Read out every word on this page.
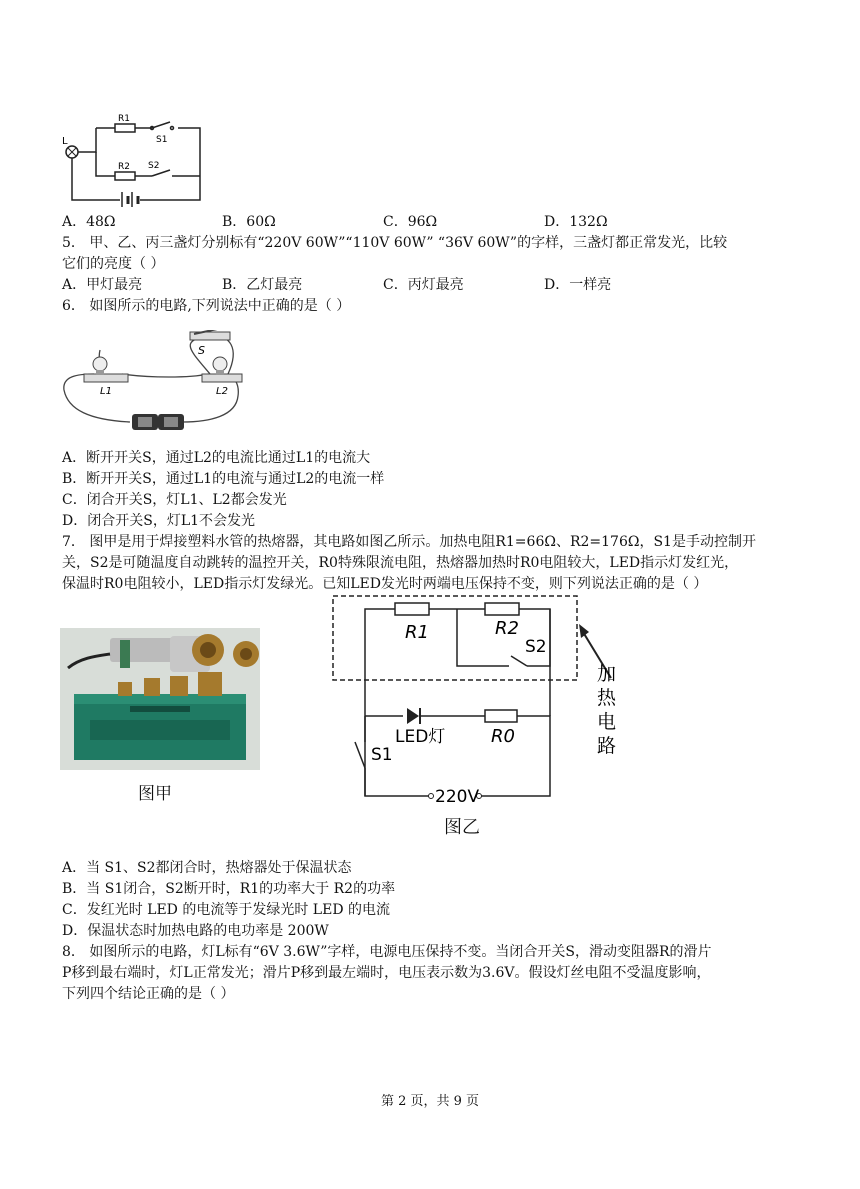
L
R1
S1
R2 S2
A．48Ω	B．60Ω	C．96Ω	D．132Ω
5． 甲、乙、丙三盏灯分别标有“220V 60W”“110V 60W” “36V 60W”的字样，三盏灯都正常发光，比较
它们的亮度（ ）
A．甲灯最亮	B．乙灯最亮	C．丙灯最亮	D．一样亮
6． 如图所示的电路,下列说法中正确的是（ ）
S
L1	L2
A．断开开关S，通过L2的电流比通过L1的电流大
B．断开开关S，通过L1的电流与通过L2的电流一样
C．闭合开关S，灯L1、L2都会发光
D．闭合开关S，灯L1不会发光
7． 图甲是用于焊接塑料水管的热熔器，其电路如图乙所示。加热电阻R1=66Ω、R2=176Ω，S1是手动控制开
关，S2是可随温度自动跳转的温控开关，R0特殊限流电阻，热熔器加热时R0电阻较大，LED指示灯发红光，
保温时R0电阻较小，LED指示灯发绿光。已知LED发光时两端电压保持不变，则下列说法正确的是（ ）
图甲
R1	R2
S2
S1
LED灯	R0
220V
加
热
电
路
图乙
A．当 S1、S2都闭合时，热熔器处于保温状态
B．当 S1闭合，S2断开时，R1的功率大于 R2的功率
C．发红光时 LED 的电流等于发绿光时 LED 的电流
D．保温状态时加热电路的电功率是 200W
8． 如图所示的电路，灯L标有“6V 3.6W”字样，电源电压保持不变。当闭合开关S，滑动变阻器R的滑片
P移到最右端时，灯L正常发光；滑片P移到最左端时，电压表示数为3.6V。假设灯丝电阻不受温度影响，
下列四个结论正确的是（ ）
第 2 页，共 9 页
